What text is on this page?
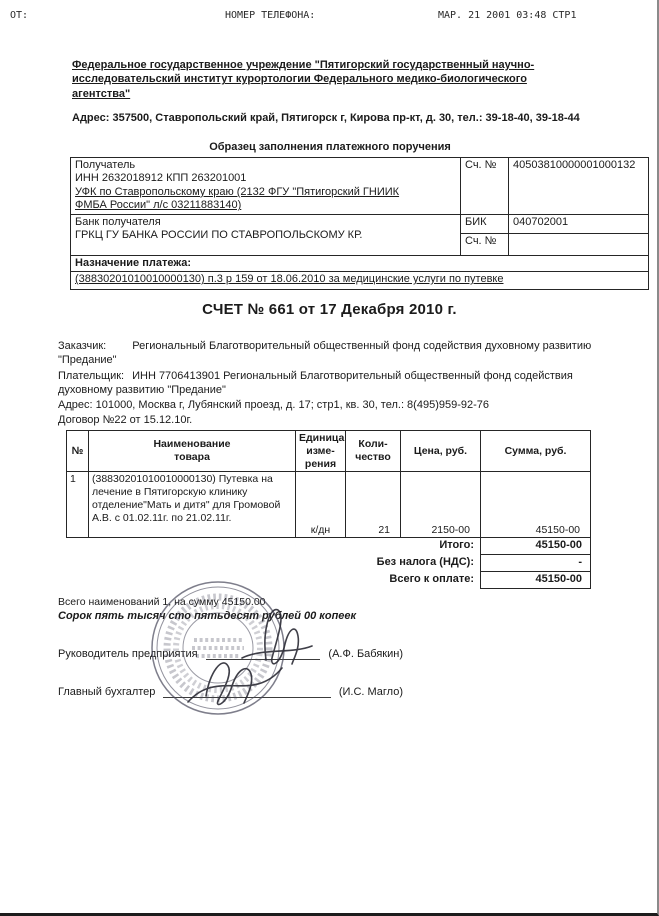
ОТ:	НОМЕР ТЕЛЕФОНА:	МАР. 21 2001 03:48 СТР1
Федеральное государственное учреждение "Пятигорский государственный научно-исследовательский институт курортологии Федерального медико-биологического агентства"
Адрес: 357500, Ставропольский край, Пятигорск г, Кирова пр-кт, д. 30, тел.: 39-18-40, 39-18-44
Образец заполнения платежного поручения
Получатель
ИНН 2632018912 КПП 263201001
УФК по Ставропольскому краю (2132 ФГУ "Пятигорский ГНИИК ФМБА России" л/с 03211883140)	Сч. №	40503810000001000132

Банк получателя
ГРКЦ ГУ БАНКА РОССИИ ПО СТАВРОПОЛЬСКОМУ КР.	БИК	040702001
	Сч. №	
Назначение платежа:		
(38830201010010000130) п.3 р 159 от 18.06.2010 за медицинские услуги по путевке		
СЧЕТ № 661 от 17 Декабря 2010 г.

Заказчик: Региональный Благотворительный общественный фонд содействия духовному развитию "Предание"

Плательщик: ИНН 7706413901 Региональный Благотворительный общественный фонд содействия духовному развитию "Предание"

Адрес: 101000, Москва г, Лубянский проезд, д. 17; стр1, кв. 30, тел.: 8(495)959-92-76

Договор №22 от 15.12.10г.

№	Наименование товара	Единица измерения	Количество	Цена, руб.	Сумма, руб.
1	(38830201010010000130) Путевка на лечение в Пятигорскую клинику отделение"Мать и дитя" для Громовой А.В. с 01.02.11г. по 21.02.11г.	к/дн	21	2150-00	45150-00
			Итого:		45150-00
			Без налога (НДС):		-
			Всего к оплате:		45150-00
Всего наименований 1, на сумму 45150.00
Сорок пять тысяч сто пятьдесят рублей 00 копеек
Руководитель предприятия	(А.Ф. Бабякин)
Главный бухгалтер	(И.С. Магло)
